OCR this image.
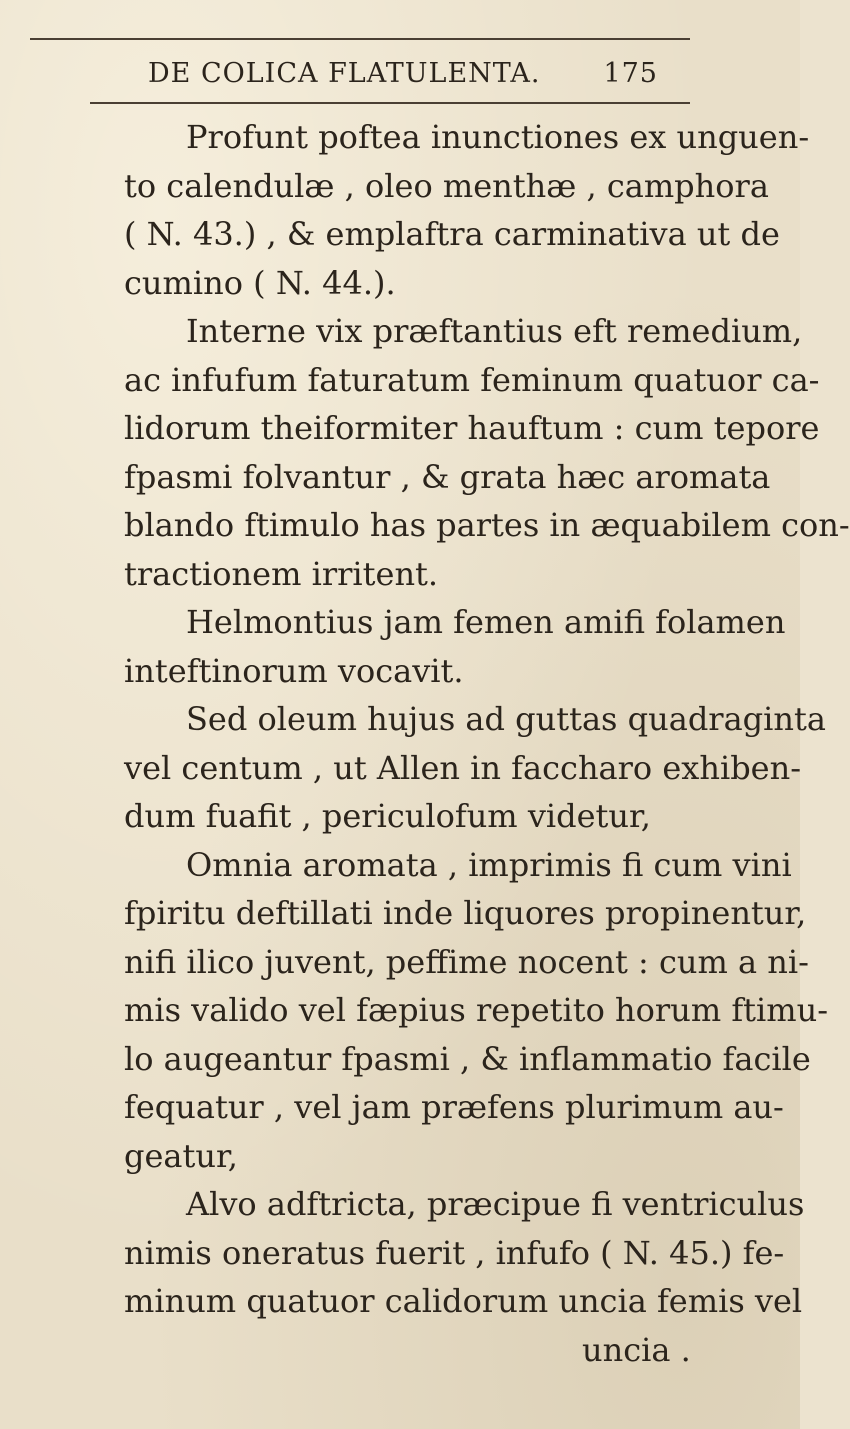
DE COLICA FLATULENTA. 175
Profunt poftea inunctiones ex unguen-
to calendulæ , oleo menthæ , camphora
( N. 43.) , & emplaftra carminativa ut de
cumino ( N. 44.).
Interne vix præftantius eft remedium,
ac infufum faturatum feminum quatuor ca-
lidorum theiformiter hauftum : cum tepore
fpasmi folvantur , & grata hæc aromata
blando ftimulo has partes in æquabilem con-
tractionem irritent.
Helmontius jam femen amifi folamen
inteftinorum vocavit.
Sed oleum hujus ad guttas quadraginta
vel centum , ut Allen in faccharo exhiben-
dum fuafit , periculofum videtur,
Omnia aromata , imprimis fi cum vini
fpiritu deftillati inde liquores propinentur,
nifi ilico juvent, peffime nocent : cum a ni-
mis valido vel fæpius repetito horum ftimu-
lo augeantur fpasmi , & inflammatio facile
fequatur , vel jam præfens plurimum au-
geatur,
Alvo adftricta, præcipue fi ventriculus
nimis oneratus fuerit , infufo ( N. 45.) fe-
minum quatuor calidorum uncia femis vel
uncia .
